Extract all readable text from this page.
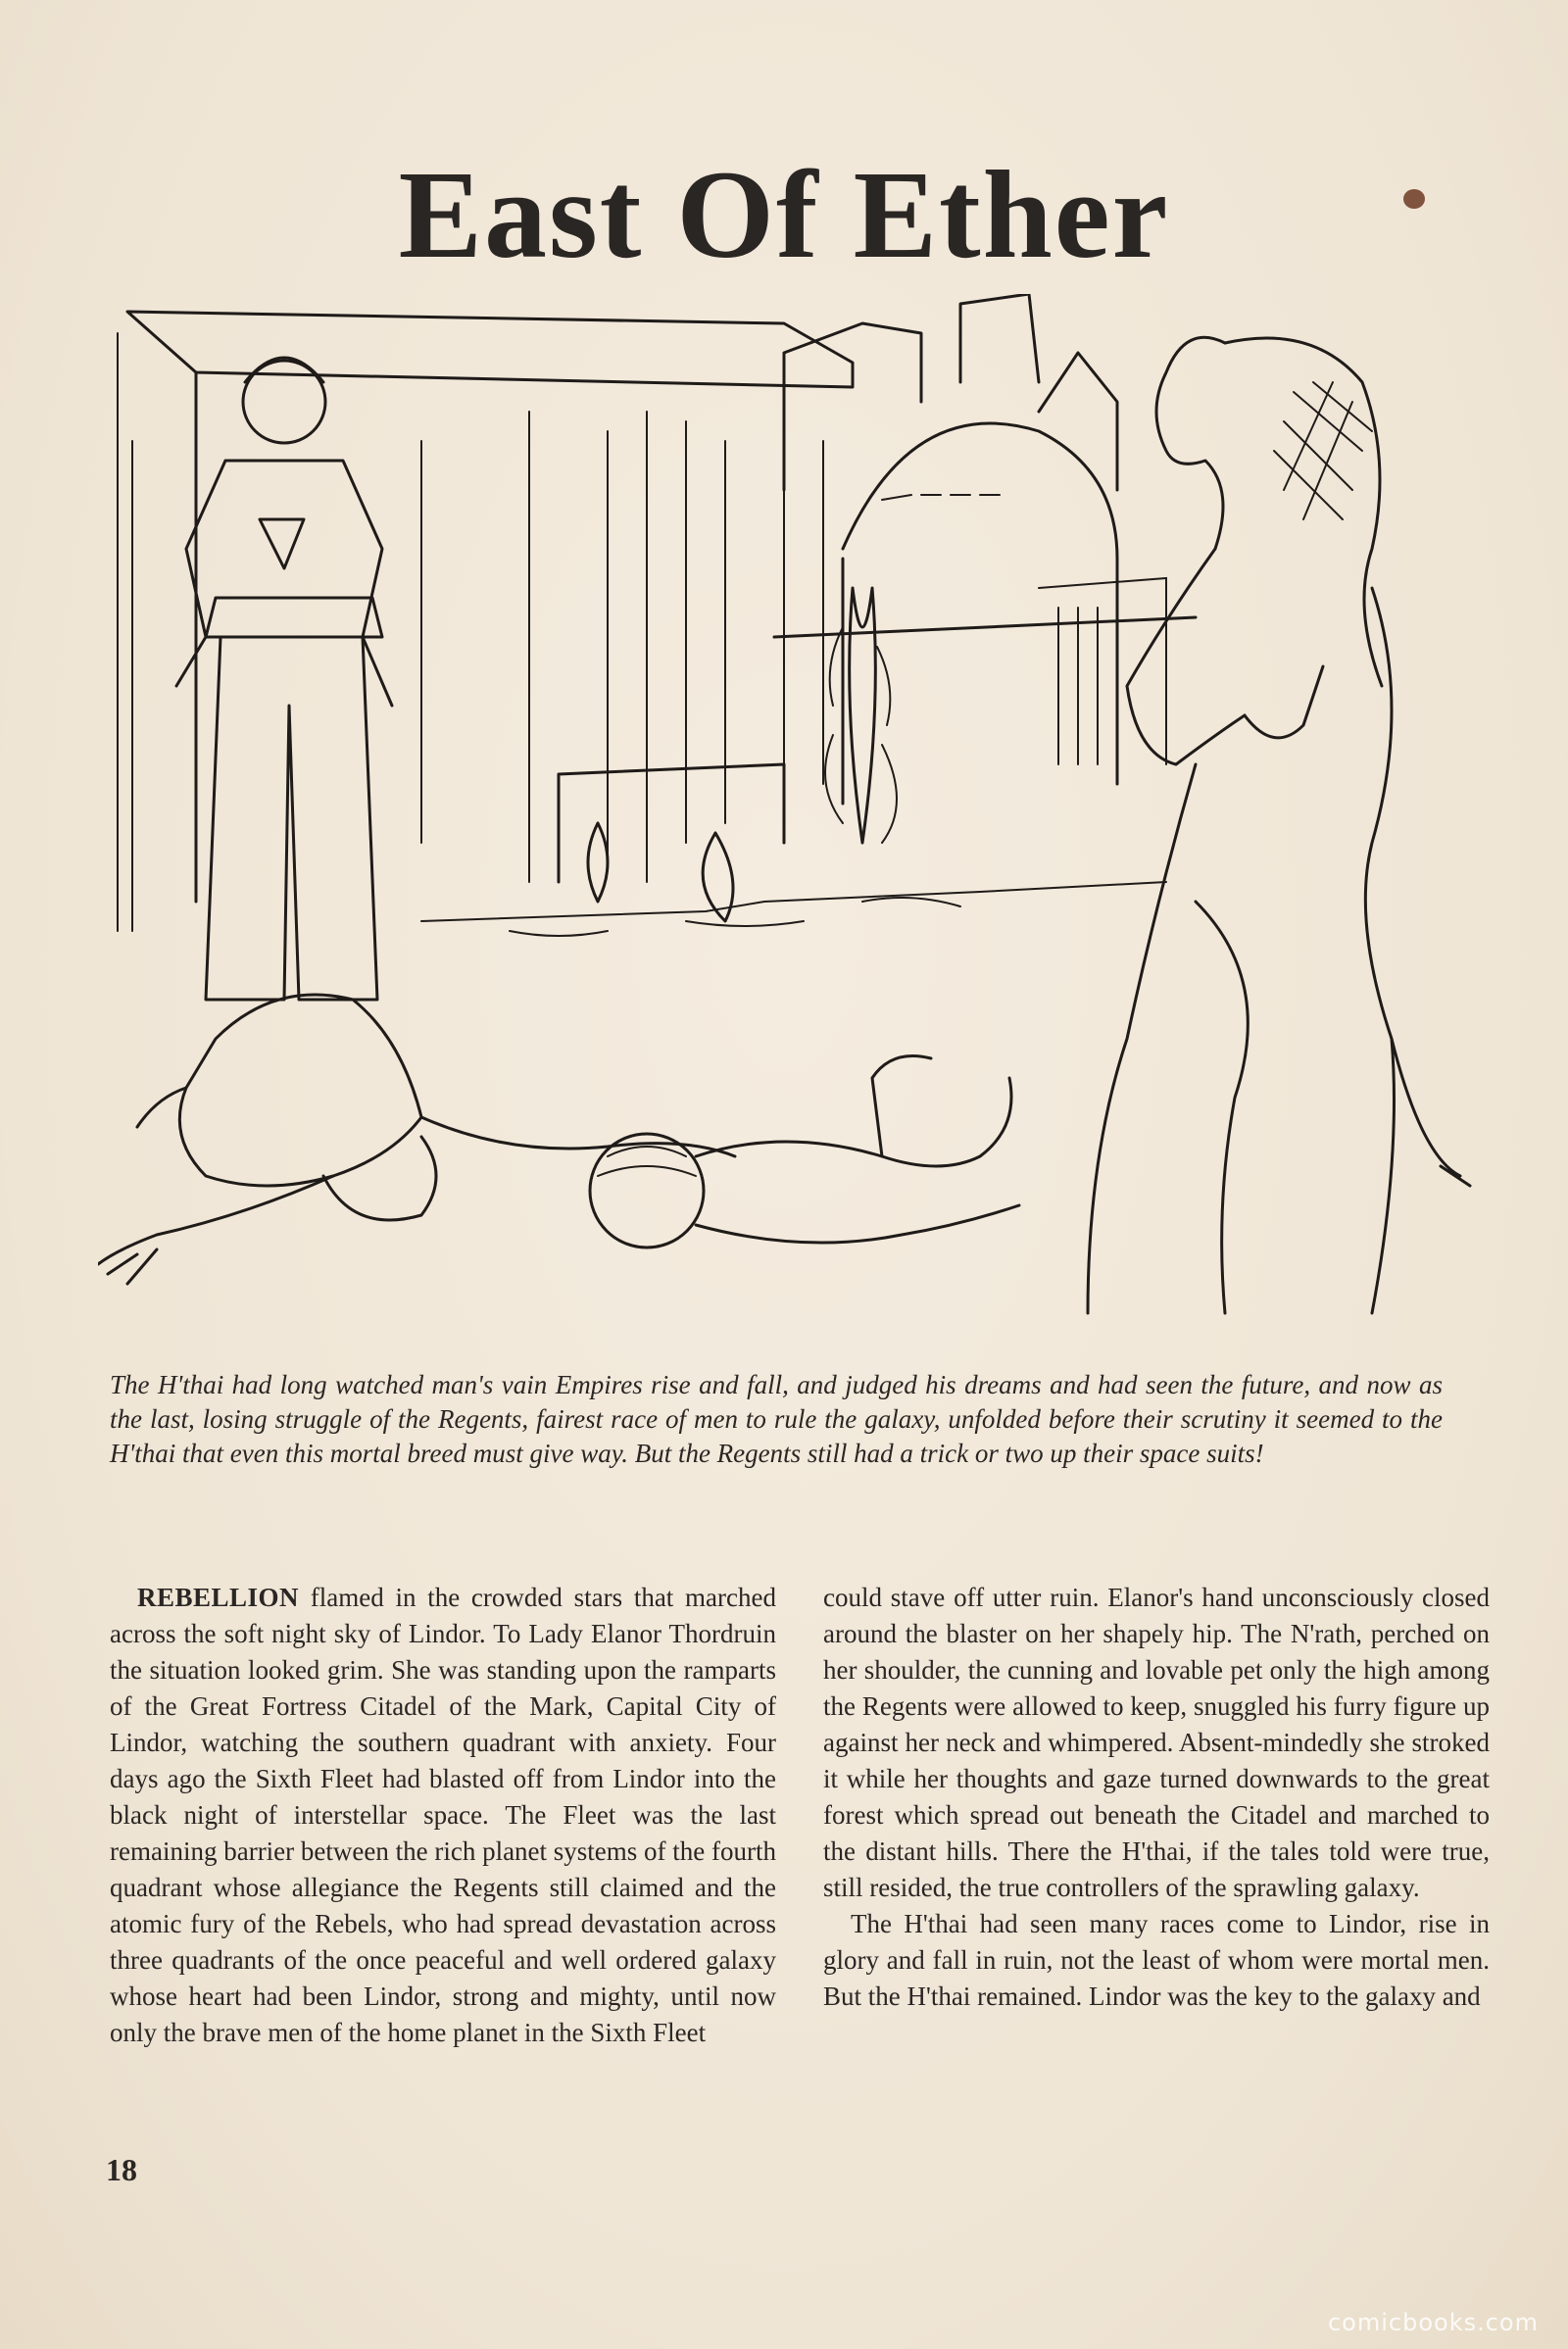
East Of Ether
The H'thai had long watched man's vain Empires rise and fall, and judged his dreams and had seen the future, and now as the last, losing struggle of the Regents, fairest race of men to rule the galaxy, unfolded before their scrutiny it seemed to the H'thai that even this mortal breed must give way. But the Regents still had a trick or two up their space suits!

REBELLION flamed in the crowded stars that marched across the soft night sky of Lindor. To Lady Elanor Thordruin the situation looked grim. She was standing upon the ramparts of the Great Fortress Citadel of the Mark, Capital City of Lindor, watching the southern quadrant with anxiety. Four days ago the Sixth Fleet had blasted off from Lindor into the black night of interstellar space. The Fleet was the last remaining barrier between the rich planet systems of the fourth quadrant whose allegiance the Regents still claimed and the atomic fury of the Rebels, who had spread devastation across three quadrants of the once peaceful and well ordered galaxy whose heart had been Lindor, strong and mighty, until now only the brave men of the home planet in the Sixth Fleet

could stave off utter ruin. Elanor's hand unconsciously closed around the blaster on her shapely hip. The N'rath, perched on her shoulder, the cunning and lovable pet only the high among the Regents were allowed to keep, snuggled his furry figure up against her neck and whimpered. Absent-mindedly she stroked it while her thoughts and gaze turned downwards to the great forest which spread out beneath the Citadel and marched to the distant hills. There the H'thai, if the tales told were true, still resided, the true controllers of the sprawling galaxy.

The H'thai had seen many races come to Lindor, rise in glory and fall in ruin, not the least of whom were mortal men. But the H'thai remained. Lindor was the key to the galaxy and

18
comicbooks.com
